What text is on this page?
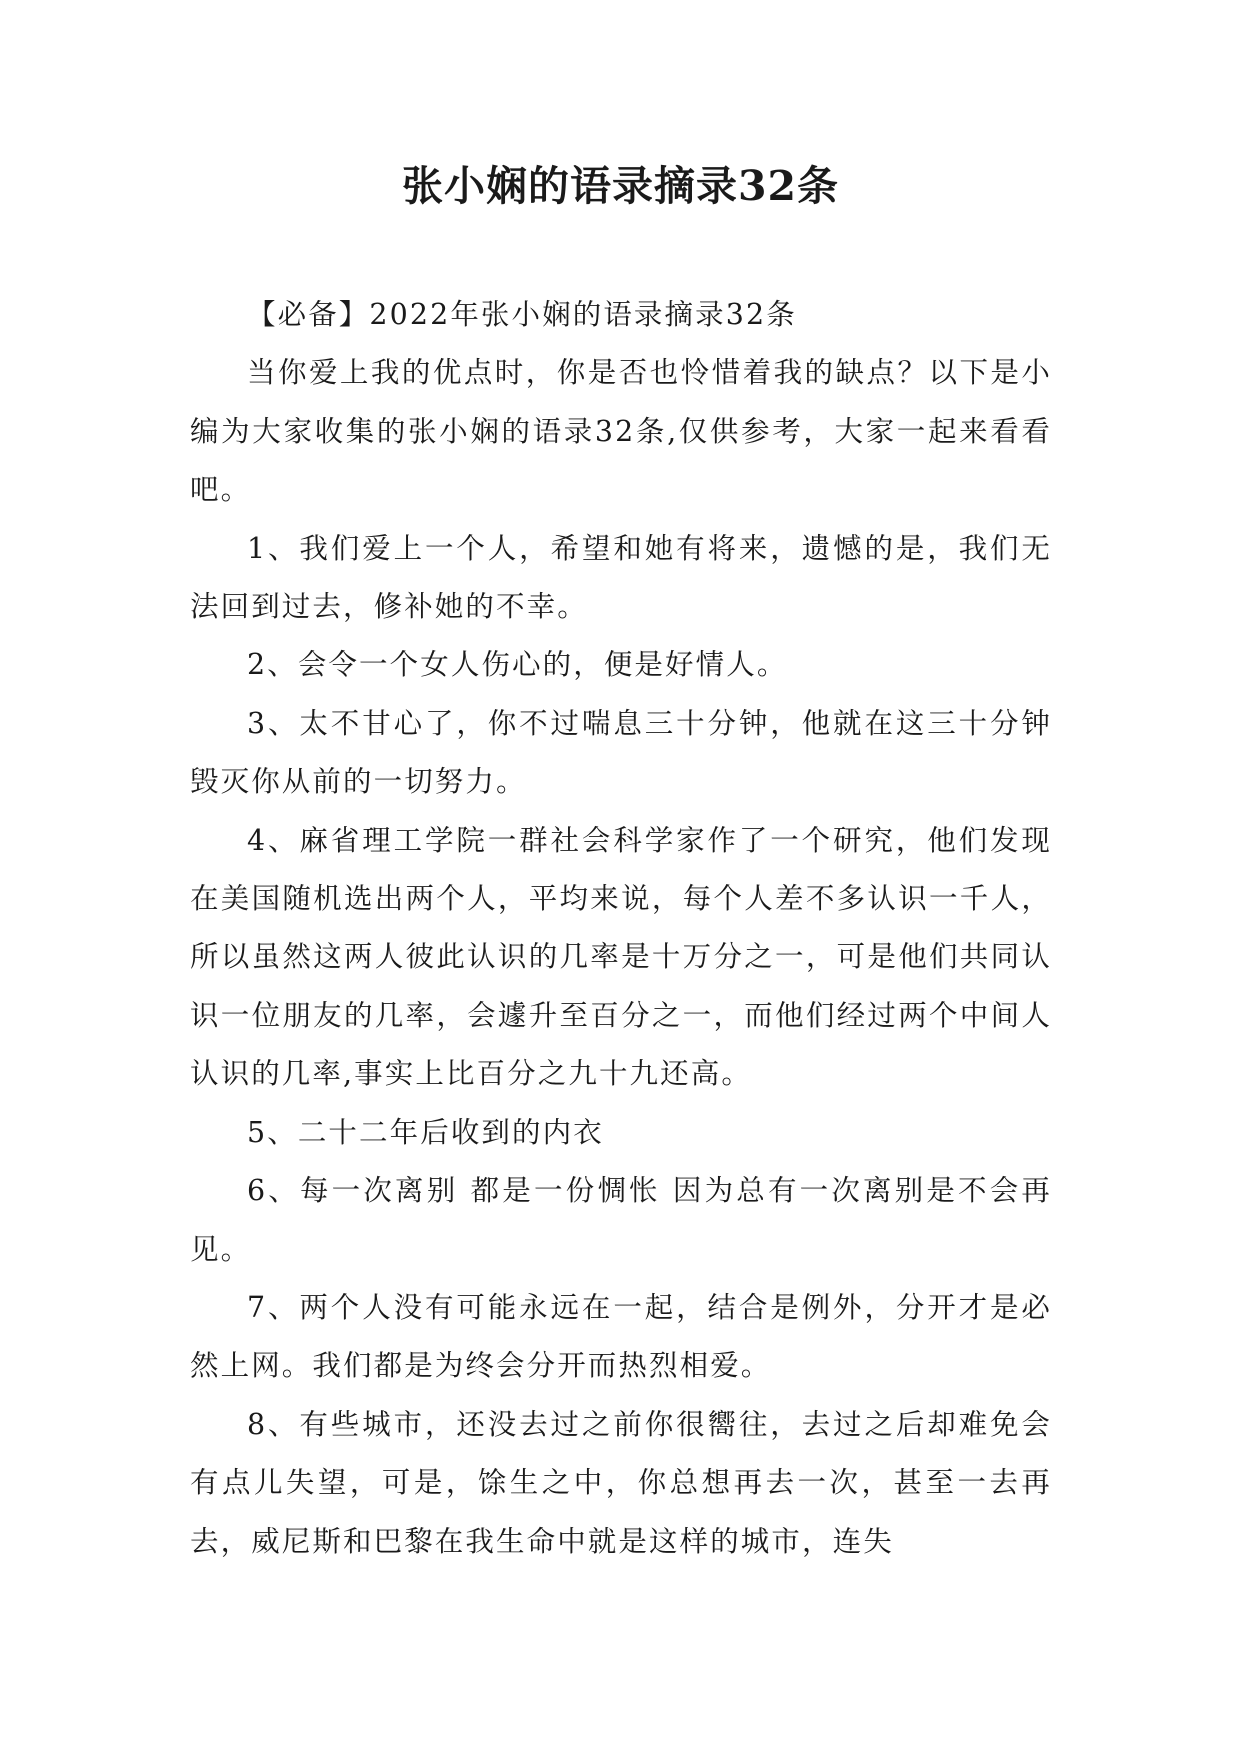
张小娴的语录摘录32条

【必备】2022年张小娴的语录摘录32条

当你爱上我的优点时，你是否也怜惜着我的缺点？以下是小编为大家收集的张小娴的语录32条,仅供参考，大家一起来看看吧。

1、我们爱上一个人，希望和她有将来，遗憾的是，我们无法回到过去，修补她的不幸。

2、会令一个女人伤心的，便是好情人。

3、太不甘心了，你不过喘息三十分钟，他就在这三十分钟毁灭你从前的一切努力。

4、麻省理工学院一群社会科学家作了一个研究，他们发现在美国随机选出两个人，平均来说，每个人差不多认识一千人，所以虽然这两人彼此认识的几率是十万分之一，可是他们共同认识一位朋友的几率，会遽升至百分之一，而他们经过两个中间人认识的几率,事实上比百分之九十九还高。

5、二十二年后收到的内衣

6、每一次离别 都是一份惆怅 因为总有一次离别是不会再见。

7、两个人没有可能永远在一起，结合是例外，分开才是必然上网。我们都是为终会分开而热烈相爱。

8、有些城市，还没去过之前你很嚮往，去过之后却难免会有点儿失望，可是，馀生之中，你总想再去一次，甚至一去再去，威尼斯和巴黎在我生命中就是这样的城市，连失
